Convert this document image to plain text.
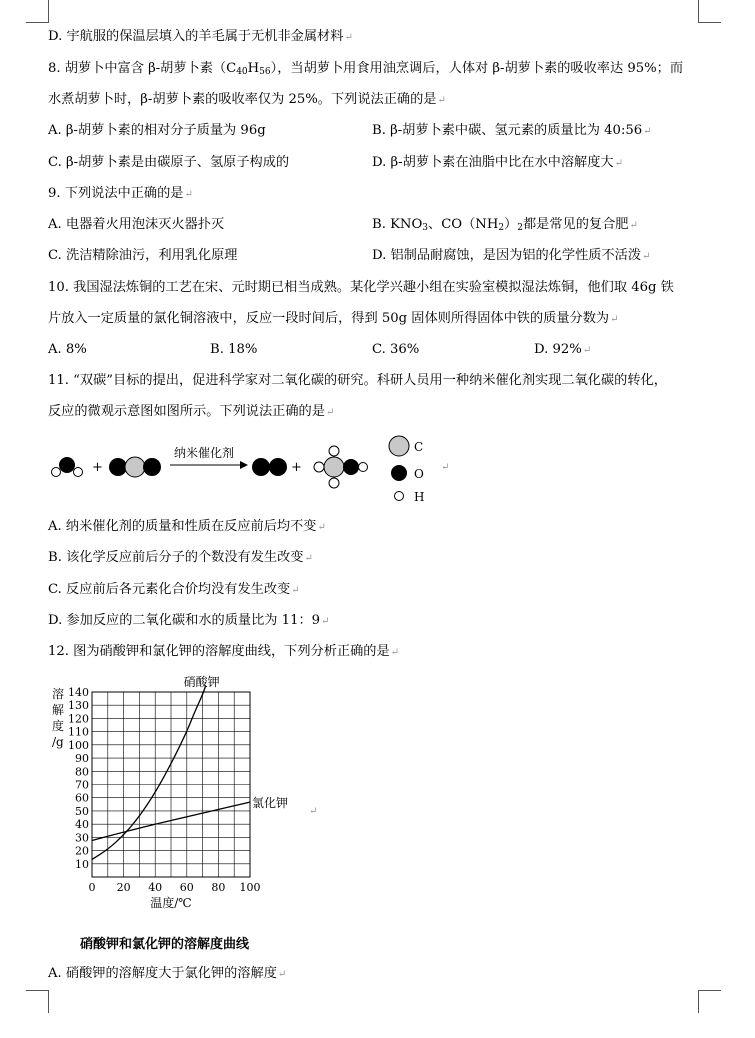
D. 宇航服的保温层填入的羊毛属于无机非金属材料↵
8. 胡萝卜中富含 β-胡萝卜素$(C_{40}H_{56})$，当胡萝卜用食用油烹调后，人体对 β-胡萝卜素的吸收率达 95%；而
水煮胡萝卜时，β-胡萝卜素的吸收率仅为 25%。下列说法正确的是↵
A. β-胡萝卜素的相对分子质量为 96g	B. β-胡萝卜素中碳、氢元素的质量比为 40:56↵
C. β-胡萝卜素是由碳原子、氢原子构成的	D. β-胡萝卜素在油脂中比在水中溶解度大↵
9. 下列说法中正确的是↵
A. 电器着火用泡沫灭火器扑灭	B. $KNO_3$、$CO(NH_2)_2$都是常见的复合肥↵
C. 洗洁精除油污，利用乳化原理	D. 铝制品耐腐蚀，是因为铝的化学性质不活泼↵
10. 我国湿法炼铜的工艺在宋、元时期已相当成熟。某化学兴趣小组在实验室模拟湿法炼铜，他们取 46g 铁
片放入一定质量的氯化铜溶液中，反应一段时间后，得到 50g 固体则所得固体中铁的质量分数为↵
A. 8%	B. 18%	C. 36%	D. 92%↵
11. “双碳”目标的提出，促进科学家对二氧化碳的研究。科研人员用一种纳米催化剂实现二氧化碳的转化，
反应的微观示意图如图所示。下列说法正确的是↵
+
纳米催化剂
+
C
O
H
↵
A. 纳米催化剂的质量和性质在反应前后均不变↵
B. 该化学反应前后分子的个数没有发生改变↵
C. 反应前后各元素化合价均没有发生改变↵
D. 参加反应的二氧化碳和水的质量比为 11：9↵
12. 图为硝酸钾和氯化钾的溶解度曲线，下列分析正确的是↵
0 20 40 60 80 100
10
20
30
40
50
60
70
80
90
100
110
120
130
140
溶
解
度
/g
温度/℃
硝酸钾
氯化钾
↵
硝酸钾和氯化钾的溶解度曲线
A. 硝酸钾的溶解度大于氯化钾的溶解度↵
